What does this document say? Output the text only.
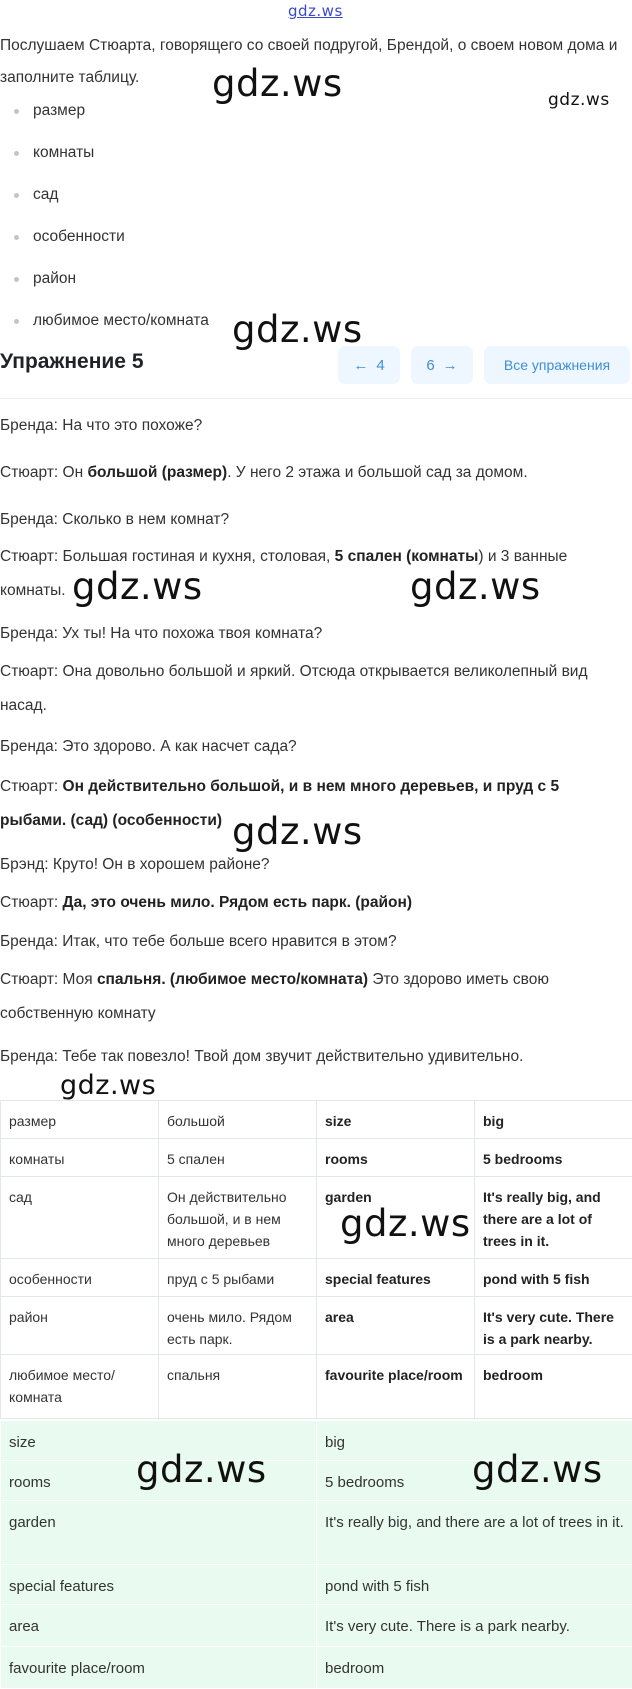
gdz.ws
Послушаем Стюарта, говорящего со своей подругой, Брендой, о своем новом дома и заполните таблицу.
размер
комнаты
сад
особенности
район
любимое место/комната
Упражнение 5	← 4	6 →	Все упражнения

Бренда: На что это похоже?

Стюарт: Он большой (размер). У него 2 этажа и большой сад за домом.

Бренда: Сколько в нем комнат?

Стюарт: Большая гостиная и кухня, столовая, 5 спален (комнаты) и 3 ванные комнаты.

Бренда: Ух ты! На что похожа твоя комната?

Стюарт: Она довольно большой и яркий. Отсюда открывается великолепный вид насад.

Бренда: Это здорово. А как насчет сада?

Стюарт: Он действительно большой, и в нем много деревьев, и пруд с 5 рыбами. (сад) (особенности)

Брэнд: Круто! Он в хорошем районе?

Стюарт: Да, это очень мило. Рядом есть парк. (район)

Бренда: Итак, что тебе больше всего нравится в этом?

Стюарт: Моя спальня. (любимое место/комната) Это здорово иметь свою собственную комнату

Бренда: Тебе так повезло! Твой дом звучит действительно удивительно.

размер	большой	size	big
комнаты	5 спален	rooms	5 bedrooms
сад	Он действительно большой, и в нем много деревьев	garden	It's really big, and there are a lot of trees in it.
особенности	пруд с 5 рыбами	special features	pond with 5 fish
район	очень мило. Рядом есть парк.	area	It's very cute. There is a park nearby.
любимое место/ комната	спальня	favourite place/room	bedroom
size	big
rooms	5 bedrooms
garden	It's really big, and there are a lot of trees in it.
special features	pond with 5 fish
area	It's very cute. There is a park nearby.
favourite place/room	bedroom
gdz.ws	gdz.ws
gdz.ws
gdz.ws	gdz.ws
gdz.ws
gdz.ws
gdz.ws
gdz.ws	gdz.ws
